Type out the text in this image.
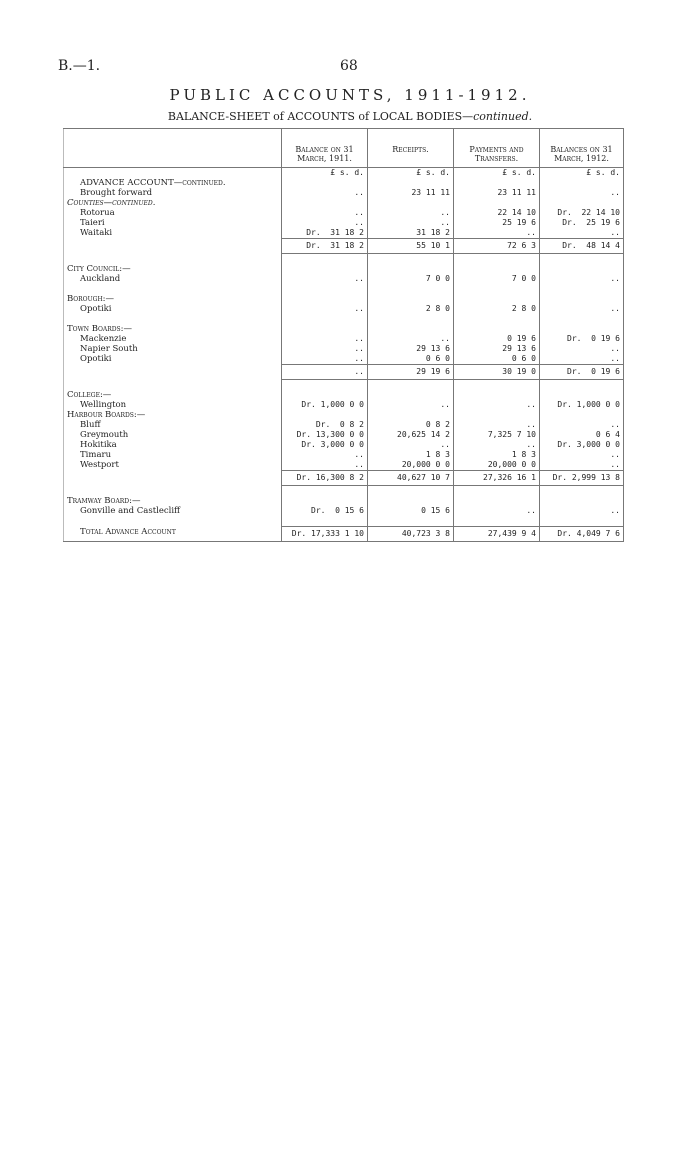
B.—1.	68
PUBLIC ACCOUNTS, 1911-1912.
BALANCE-SHEET of ACCOUNTS of LOCAL BODIES—continued.
	Balance on 31 March, 1911.	Receipts.	Payments and Transfers.	Balances on 31 March, 1912.
	£ s. d.	£ s. d.	£ s. d.	£ s. d.
ADVANCE ACCOUNT—continued.				
Brought forward	..	23 11 11	23 11 11	..
Counties—continued.				
Rotorua	..	..	22 14 10	Dr.  22 14 10
Taieri	..	..	25 19 6	Dr.  25 19 6
Waitaki	Dr.  31 18 2	31 18 2	..	..
	Dr.  31 18 2	55 10 1	72 6 3	Dr.  48 14 4

City Council:—				
Auckland	..	7 0 0	7 0 0	..

Borough:—				
Opotiki	..	2 8 0	2 8 0	..

Town Boards:—				
Mackenzie	..	..	0 19 6	Dr.  0 19 6
Napier South	..	29 13 6	29 13 6	..
Opotiki	..	0 6 0	0 6 0	..
	..	29 19 6	30 19 0	Dr.  0 19 6

College:—				
Wellington	Dr. 1,000 0 0	..	..	Dr. 1,000 0 0
Harbour Boards:—				
Bluff	Dr.  0 8 2	0 8 2	..	..
Greymouth	Dr. 13,300 0 0	20,625 14 2	7,325 7 10	0 6 4
Hokitika	Dr. 3,000 0 0	..	..	Dr. 3,000 0 0
Timaru	..	1 8 3	1 8 3	..
Westport	..	20,000 0 0	20,000 0 0	..
	Dr. 16,300 8 2	40,627 10 7	27,326 16 1	Dr. 2,999 13 8

Tramway Board:—				
Gonville and Castlecliff	Dr.  0 15 6	0 15 6	..	..

Total Advance Account	Dr. 17,333 1 10	40,723 3 8	27,439 9 4	Dr. 4,049 7 6
